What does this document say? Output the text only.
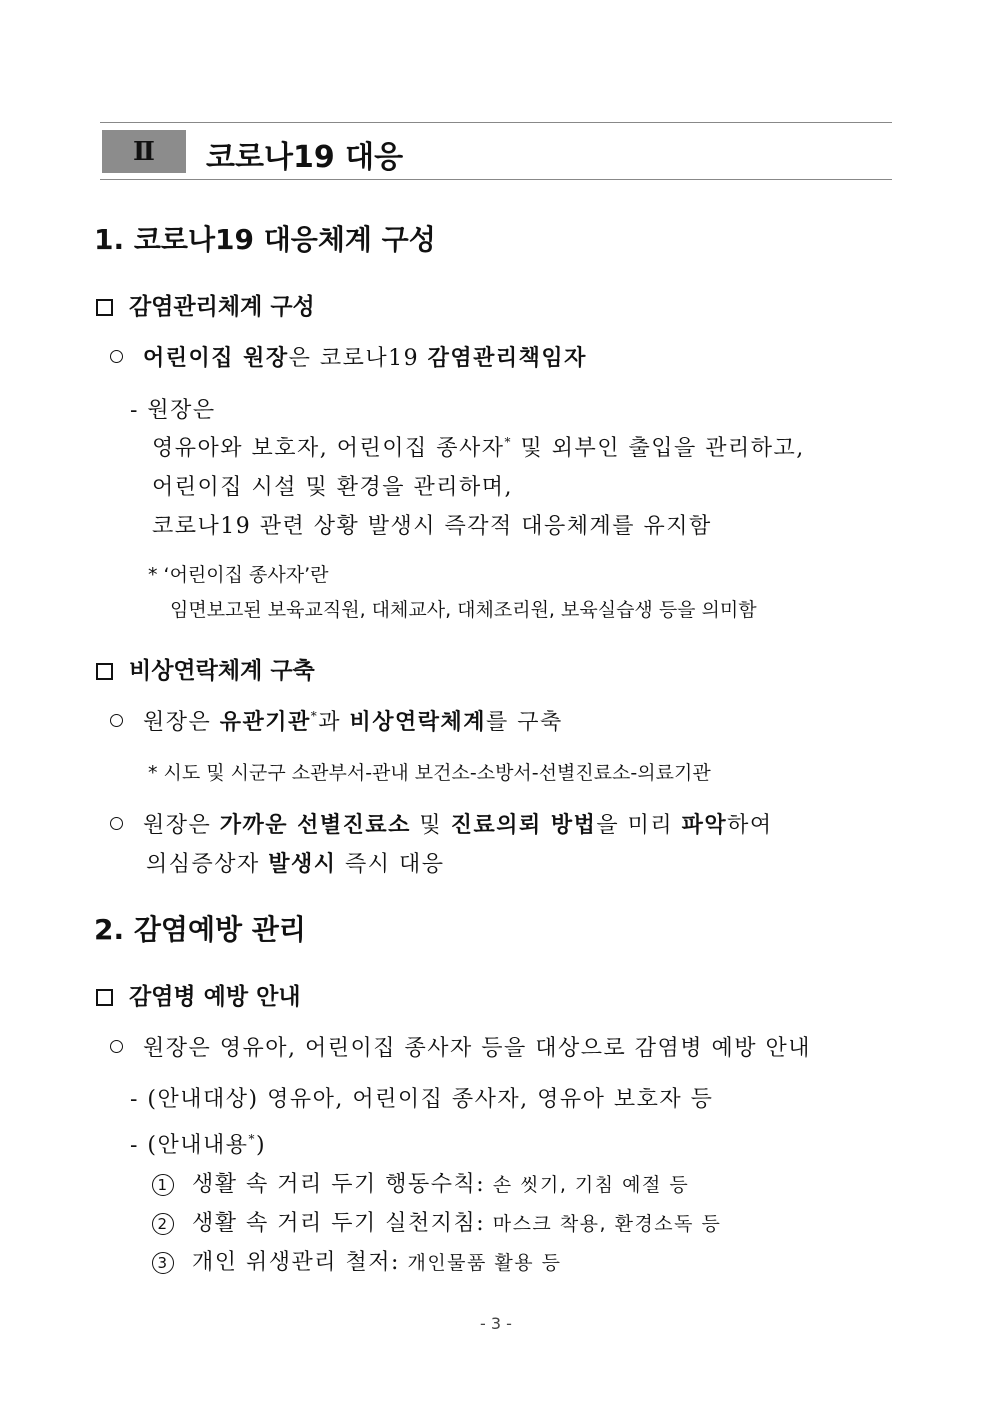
Ⅱ	코로나19 대응
1. 코로나19 대응체계 구성
감염관리체계 구성
어린이집 원장은 코로나19 감염관리책임자
- 원장은
영유아와 보호자, 어린이집 종사자* 및 외부인 출입을 관리하고,
어린이집 시설 및 환경을 관리하며,
코로나19 관련 상황 발생시 즉각적 대응체계를 유지함
* ‘어린이집 종사자’란
임면보고된 보육교직원, 대체교사, 대체조리원, 보육실습생 등을 의미함
비상연락체계 구축
원장은 유관기관*과 비상연락체계를 구축
* 시도 및 시군구 소관부서-관내 보건소-소방서-선별진료소-의료기관
원장은 가까운 선별진료소 및 진료의뢰 방법을 미리 파악하여
의심증상자 발생시 즉시 대응
2. 감염예방 관리
감염병 예방 안내
원장은 영유아, 어린이집 종사자 등을 대상으로 감염병 예방 안내
- (안내대상) 영유아, 어린이집 종사자, 영유아 보호자 등
- (안내내용*)
1 생활 속 거리 두기 행동수칙: 손 씻기, 기침 예절 등
2 생활 속 거리 두기 실천지침: 마스크 착용, 환경소독 등
3 개인 위생관리 철저: 개인물품 활용 등
- 3 -
